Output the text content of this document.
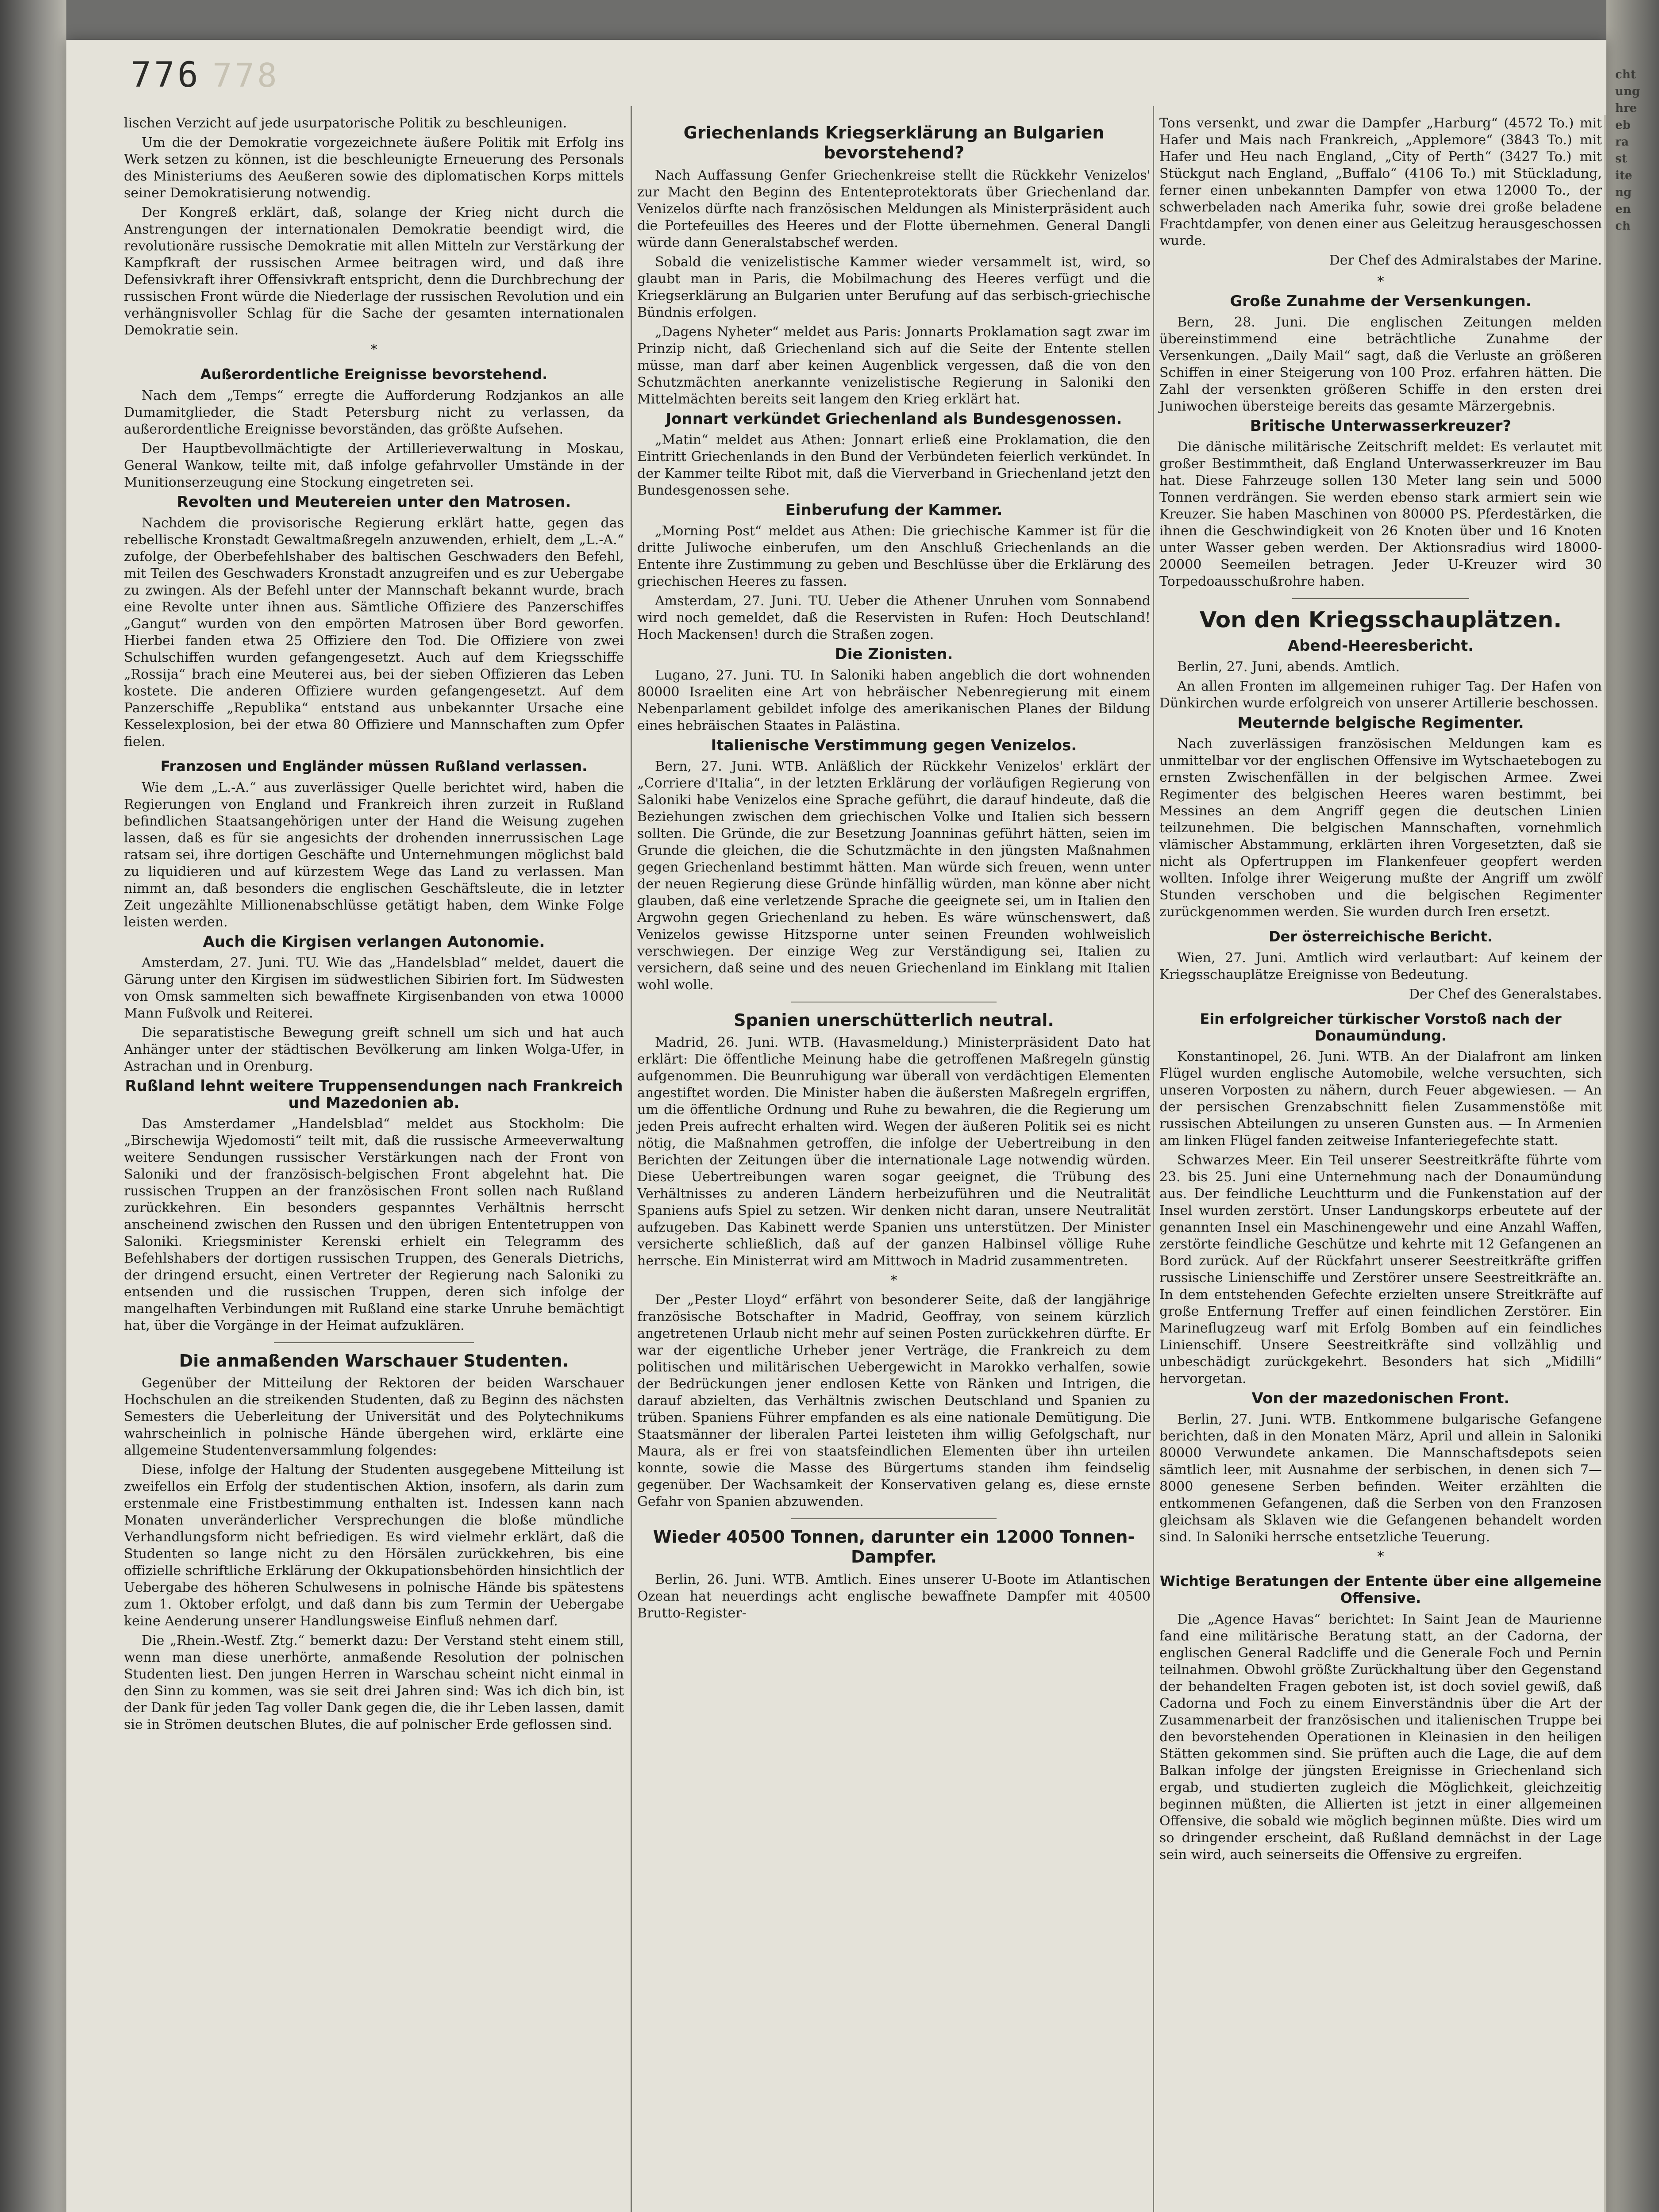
776 778

lischen Verzicht auf jede usurpatorische Politik zu beschleunigen.

Um die der Demokratie vorgezeichnete äußere Politik mit Erfolg ins Werk setzen zu können, ist die beschleunigte Erneuerung des Personals des Ministeriums des Aeußeren sowie des diplomatischen Korps mittels seiner Demokratisierung notwendig.

Der Kongreß erklärt, daß, solange der Krieg nicht durch die Anstrengungen der internationalen Demokratie beendigt wird, die revolutionäre russische Demokratie mit allen Mitteln zur Verstärkung der Kampfkraft der russischen Armee beitragen wird, und daß ihre Defensivkraft ihrer Offensivkraft entspricht, denn die Durchbrechung der russischen Front würde die Niederlage der russischen Revolution und ein verhängnisvoller Schlag für die Sache der gesamten internationalen Demokratie sein.

*
Außerordentliche Ereignisse bevorstehend.

Nach dem „Temps“ erregte die Aufforderung Rodzjankos an alle Dumamitglieder, die Stadt Petersburg nicht zu verlassen, da außerordentliche Ereignisse bevorständen, das größte Aufsehen.

Der Hauptbevollmächtigte der Artillerieverwaltung in Moskau, General Wankow, teilte mit, daß infolge gefahrvoller Umstände in der Munitionserzeugung eine Stockung eingetreten sei.

Revolten und Meutereien unter den Matrosen.

Nachdem die provisorische Regierung erklärt hatte, gegen das rebellische Kronstadt Gewaltmaßregeln anzuwenden, erhielt, dem „L.-A.“ zufolge, der Oberbefehlshaber des baltischen Geschwaders den Befehl, mit Teilen des Geschwaders Kronstadt anzugreifen und es zur Uebergabe zu zwingen. Als der Befehl unter der Mannschaft bekannt wurde, brach eine Revolte unter ihnen aus. Sämtliche Offiziere des Panzerschiffes „Gangut“ wurden von den empörten Matrosen über Bord geworfen. Hierbei fanden etwa 25 Offiziere den Tod. Die Offiziere von zwei Schulschiffen wurden gefangengesetzt. Auch auf dem Kriegsschiffe „Rossija“ brach eine Meuterei aus, bei der sieben Offizieren das Leben kostete. Die anderen Offiziere wurden gefangengesetzt. Auf dem Panzerschiffe „Republika“ entstand aus unbekannter Ursache eine Kesselexplosion, bei der etwa 80 Offiziere und Mannschaften zum Opfer fielen.

Franzosen und Engländer müssen Rußland verlassen.

Wie dem „L.-A.“ aus zuverlässiger Quelle berichtet wird, haben die Regierungen von England und Frankreich ihren zurzeit in Rußland befindlichen Staatsangehörigen unter der Hand die Weisung zugehen lassen, daß es für sie angesichts der drohenden innerrussischen Lage ratsam sei, ihre dortigen Geschäfte und Unternehmungen möglichst bald zu liquidieren und auf kürzestem Wege das Land zu verlassen. Man nimmt an, daß besonders die englischen Geschäftsleute, die in letzter Zeit ungezählte Millionenabschlüsse getätigt haben, dem Winke Folge leisten werden.

Auch die Kirgisen verlangen Autonomie.

Amsterdam, 27. Juni. TU. Wie das „Handelsblad“ meldet, dauert die Gärung unter den Kirgisen im südwestlichen Sibirien fort. Im Südwesten von Omsk sammelten sich bewaffnete Kirgisenbanden von etwa 10000 Mann Fußvolk und Reiterei.

Die separatistische Bewegung greift schnell um sich und hat auch Anhänger unter der städtischen Bevölkerung am linken Wolga-Ufer, in Astrachan und in Orenburg.

Rußland lehnt weitere Truppensendungen nach Frankreich und Mazedonien ab.

Das Amsterdamer „Handelsblad“ meldet aus Stockholm: Die „Birschewija Wjedomosti“ teilt mit, daß die russische Armeeverwaltung weitere Sendungen russischer Verstärkungen nach der Front von Saloniki und der französisch-belgischen Front abgelehnt hat. Die russischen Truppen an der französischen Front sollen nach Rußland zurückkehren. Ein besonders gespanntes Verhältnis herrscht anscheinend zwischen den Russen und den übrigen Ententetruppen von Saloniki. Kriegsminister Kerenski erhielt ein Telegramm des Befehlshabers der dortigen russischen Truppen, des Generals Dietrichs, der dringend ersucht, einen Vertreter der Regierung nach Saloniki zu entsenden und die russischen Truppen, deren sich infolge der mangelhaften Verbindungen mit Rußland eine starke Unruhe bemächtigt hat, über die Vorgänge in der Heimat aufzuklären.

Die anmaßenden Warschauer Studenten.

Gegenüber der Mitteilung der Rektoren der beiden Warschauer Hochschulen an die streikenden Studenten, daß zu Beginn des nächsten Semesters die Ueberleitung der Universität und des Polytechnikums wahrscheinlich in polnische Hände übergehen wird, erklärte eine allgemeine Studentenversammlung folgendes:

Diese, infolge der Haltung der Studenten ausgegebene Mitteilung ist zweifellos ein Erfolg der studentischen Aktion, insofern, als darin zum erstenmale eine Fristbestimmung enthalten ist. Indessen kann nach Monaten unveränderlicher Versprechungen die bloße mündliche Verhandlungsform nicht befriedigen. Es wird vielmehr erklärt, daß die Studenten so lange nicht zu den Hörsälen zurückkehren, bis eine offizielle schriftliche Erklärung der Okkupationsbehörden hinsichtlich der Uebergabe des höheren Schulwesens in polnische Hände bis spätestens zum 1. Oktober erfolgt, und daß dann bis zum Termin der Uebergabe keine Aenderung unserer Handlungsweise Einfluß nehmen darf.

Die „Rhein.-Westf. Ztg.“ bemerkt dazu: Der Verstand steht einem still, wenn man diese unerhörte, anmaßende Resolution der polnischen Studenten liest. Den jungen Herren in Warschau scheint nicht einmal in den Sinn zu kommen, was sie seit drei Jahren sind: Was ich dich bin, ist der Dank für jeden Tag voller Dank gegen die, die ihr Leben lassen, damit sie in Strömen deutschen Blutes, die auf polnischer Erde geflossen sind.

Griechenlands Kriegserklärung an Bulgarien bevorstehend?

Nach Auffassung Genfer Griechenkreise stellt die Rückkehr Venizelos' zur Macht den Beginn des Ententeprotektorats über Griechenland dar. Venizelos dürfte nach französischen Meldungen als Ministerpräsident auch die Portefeuilles des Heeres und der Flotte übernehmen. General Dangli würde dann Generalstabschef werden.

Sobald die venizelistische Kammer wieder versammelt ist, wird, so glaubt man in Paris, die Mobilmachung des Heeres verfügt und die Kriegserklärung an Bulgarien unter Berufung auf das serbisch-griechische Bündnis erfolgen.

„Dagens Nyheter“ meldet aus Paris: Jonnarts Proklamation sagt zwar im Prinzip nicht, daß Griechenland sich auf die Seite der Entente stellen müsse, man darf aber keinen Augenblick vergessen, daß die von den Schutzmächten anerkannte venizelistische Regierung in Saloniki den Mittelmächten bereits seit langem den Krieg erklärt hat.

Jonnart verkündet Griechenland als Bundesgenossen.

„Matin“ meldet aus Athen: Jonnart erließ eine Proklamation, die den Eintritt Griechenlands in den Bund der Verbündeten feierlich verkündet. In der Kammer teilte Ribot mit, daß die Vierverband in Griechenland jetzt den Bundesgenossen sehe.

Einberufung der Kammer.

„Morning Post“ meldet aus Athen: Die griechische Kammer ist für die dritte Juliwoche einberufen, um den Anschluß Griechenlands an die Entente ihre Zustimmung zu geben und Beschlüsse über die Erklärung des griechischen Heeres zu fassen.

Amsterdam, 27. Juni. TU. Ueber die Athener Unruhen vom Sonnabend wird noch gemeldet, daß die Reservisten in Rufen: Hoch Deutschland! Hoch Mackensen! durch die Straßen zogen.

Die Zionisten.

Lugano, 27. Juni. TU. In Saloniki haben angeblich die dort wohnenden 80000 Israeliten eine Art von hebräischer Nebenregierung mit einem Nebenparlament gebildet infolge des amerikanischen Planes der Bildung eines hebräischen Staates in Palästina.

Italienische Verstimmung gegen Venizelos.

Bern, 27. Juni. WTB. Anläßlich der Rückkehr Venizelos' erklärt der „Corriere d'Italia“, in der letzten Erklärung der vorläufigen Regierung von Saloniki habe Venizelos eine Sprache geführt, die darauf hindeute, daß die Beziehungen zwischen dem griechischen Volke und Italien sich bessern sollten. Die Gründe, die zur Besetzung Joanninas geführt hätten, seien im Grunde die gleichen, die die Schutzmächte in den jüngsten Maßnahmen gegen Griechenland bestimmt hätten. Man würde sich freuen, wenn unter der neuen Regierung diese Gründe hinfällig würden, man könne aber nicht glauben, daß eine verletzende Sprache die geeignete sei, um in Italien den Argwohn gegen Griechenland zu heben. Es wäre wünschenswert, daß Venizelos gewisse Hitzsporne unter seinen Freunden wohlweislich verschwiegen. Der einzige Weg zur Verständigung sei, Italien zu versichern, daß seine und des neuen Griechenland im Einklang mit Italien wohl wolle.

Spanien unerschütterlich neutral.

Madrid, 26. Juni. WTB. (Havasmeldung.) Ministerpräsident Dato hat erklärt: Die öffentliche Meinung habe die getroffenen Maßregeln günstig aufgenommen. Die Beunruhigung war überall von verdächtigen Elementen angestiftet worden. Die Minister haben die äußersten Maßregeln ergriffen, um die öffentliche Ordnung und Ruhe zu bewahren, die die Regierung um jeden Preis aufrecht erhalten wird. Wegen der äußeren Politik sei es nicht nötig, die Maßnahmen getroffen, die infolge der Uebertreibung in den Berichten der Zeitungen über die internationale Lage notwendig würden. Diese Uebertreibungen waren sogar geeignet, die Trübung des Verhältnisses zu anderen Ländern herbeizuführen und die Neutralität Spaniens aufs Spiel zu setzen. Wir denken nicht daran, unsere Neutralität aufzugeben. Das Kabinett werde Spanien uns unterstützen. Der Minister versicherte schließlich, daß auf der ganzen Halbinsel völlige Ruhe herrsche. Ein Ministerrat wird am Mittwoch in Madrid zusammentreten.

*

Der „Pester Lloyd“ erfährt von besonderer Seite, daß der langjährige französische Botschafter in Madrid, Geoffray, von seinem kürzlich angetretenen Urlaub nicht mehr auf seinen Posten zurückkehren dürfte. Er war der eigentliche Urheber jener Verträge, die Frankreich zu dem politischen und militärischen Uebergewicht in Marokko verhalfen, sowie der Bedrückungen jener endlosen Kette von Ränken und Intrigen, die darauf abzielten, das Verhältnis zwischen Deutschland und Spanien zu trüben. Spaniens Führer empfanden es als eine nationale Demütigung. Die Staatsmänner der liberalen Partei leisteten ihm willig Gefolgschaft, nur Maura, als er frei von staatsfeindlichen Elementen über ihn urteilen konnte, sowie die Masse des Bürgertums standen ihm feindselig gegenüber. Der Wachsamkeit der Konservativen gelang es, diese ernste Gefahr von Spanien abzuwenden.

Wieder 40500 Tonnen, darunter ein 12000 Tonnen-Dampfer.

Berlin, 26. Juni. WTB. Amtlich. Eines unserer U-Boote im Atlantischen Ozean hat neuerdings acht englische bewaffnete Dampfer mit 40500 Brutto-Register-

Tons versenkt, und zwar die Dampfer „Harburg“ (4572 To.) mit Hafer und Mais nach Frankreich, „Applemore“ (3843 To.) mit Hafer und Heu nach England, „City of Perth“ (3427 To.) mit Stückgut nach England, „Buffalo“ (4106 To.) mit Stückladung, ferner einen unbekannten Dampfer von etwa 12000 To., der schwerbeladen nach Amerika fuhr, sowie drei große beladene Frachtdampfer, von denen einer aus Geleitzug herausgeschossen wurde.

Der Chef des Admiralstabes der Marine.
*
Große Zunahme der Versenkungen.

Bern, 28. Juni. Die englischen Zeitungen melden übereinstimmend eine beträchtliche Zunahme der Versenkungen. „Daily Mail“ sagt, daß die Verluste an größeren Schiffen in einer Steigerung von 100 Proz. erfahren hätten. Die Zahl der versenkten größeren Schiffe in den ersten drei Juniwochen übersteige bereits das gesamte Märzergebnis.

Britische Unterwasserkreuzer?

Die dänische militärische Zeitschrift meldet: Es verlautet mit großer Bestimmtheit, daß England Unterwasserkreuzer im Bau hat. Diese Fahrzeuge sollen 130 Meter lang sein und 5000 Tonnen verdrängen. Sie werden ebenso stark armiert sein wie Kreuzer. Sie haben Maschinen von 80000 PS. Pferdestärken, die ihnen die Geschwindigkeit von 26 Knoten über und 16 Knoten unter Wasser geben werden. Der Aktionsradius wird 18000-20000 Seemeilen betragen. Jeder U-Kreuzer wird 30 Torpedoausschußrohre haben.

Von den Kriegsschauplätzen.
Abend-Heeresbericht.

Berlin, 27. Juni, abends. Amtlich.

An allen Fronten im allgemeinen ruhiger Tag. Der Hafen von Dünkirchen wurde erfolgreich von unserer Artillerie beschossen.

Meuternde belgische Regimenter.

Nach zuverlässigen französischen Meldungen kam es unmittelbar vor der englischen Offensive im Wytschaetebogen zu ernsten Zwischenfällen in der belgischen Armee. Zwei Regimenter des belgischen Heeres waren bestimmt, bei Messines an dem Angriff gegen die deutschen Linien teilzunehmen. Die belgischen Mannschaften, vornehmlich vlämischer Abstammung, erklärten ihren Vorgesetzten, daß sie nicht als Opfertruppen im Flankenfeuer geopfert werden wollten. Infolge ihrer Weigerung mußte der Angriff um zwölf Stunden verschoben und die belgischen Regimenter zurückgenommen werden. Sie wurden durch Iren ersetzt.

Der österreichische Bericht.

Wien, 27. Juni. Amtlich wird verlautbart: Auf keinem der Kriegsschauplätze Ereignisse von Bedeutung.

Der Chef des Generalstabes.
Ein erfolgreicher türkischer Vorstoß nach der Donaumündung.

Konstantinopel, 26. Juni. WTB. An der Dialafront am linken Flügel wurden englische Automobile, welche versuchten, sich unseren Vorposten zu nähern, durch Feuer abgewiesen. — An der persischen Grenzabschnitt fielen Zusammenstöße mit russischen Abteilungen zu unseren Gunsten aus. — In Armenien am linken Flügel fanden zeitweise Infanteriegefechte statt.

Schwarzes Meer. Ein Teil unserer Seestreitkräfte führte vom 23. bis 25. Juni eine Unternehmung nach der Donaumündung aus. Der feindliche Leuchtturm und die Funkenstation auf der Insel wurden zerstört. Unser Landungskorps erbeutete auf der genannten Insel ein Maschinengewehr und eine Anzahl Waffen, zerstörte feindliche Geschütze und kehrte mit 12 Gefangenen an Bord zurück. Auf der Rückfahrt unserer Seestreitkräfte griffen russische Linienschiffe und Zerstörer unsere Seestreitkräfte an. In dem entstehenden Gefechte erzielten unsere Streitkräfte auf große Entfernung Treffer auf einen feindlichen Zerstörer. Ein Marineflugzeug warf mit Erfolg Bomben auf ein feindliches Linienschiff. Unsere Seestreitkräfte sind vollzählig und unbeschädigt zurückgekehrt. Besonders hat sich „Midilli“ hervorgetan.

Von der mazedonischen Front.

Berlin, 27. Juni. WTB. Entkommene bulgarische Gefangene berichten, daß in den Monaten März, April und allein in Saloniki 80000 Verwundete ankamen. Die Mannschaftsdepots seien sämtlich leer, mit Ausnahme der serbischen, in denen sich 7—8000 genesene Serben befinden. Weiter erzählten die entkommenen Gefangenen, daß die Serben von den Franzosen gleichsam als Sklaven wie die Gefangenen behandelt worden sind. In Saloniki herrsche entsetzliche Teuerung.

*
Wichtige Beratungen der Entente über eine allgemeine Offensive.

Die „Agence Havas“ berichtet: In Saint Jean de Maurienne fand eine militärische Beratung statt, an der Cadorna, der englischen General Radcliffe und die Generale Foch und Pernin teilnahmen. Obwohl größte Zurückhaltung über den Gegenstand der behandelten Fragen geboten ist, ist doch soviel gewiß, daß Cadorna und Foch zu einem Einverständnis über die Art der Zusammenarbeit der französischen und italienischen Truppe bei den bevorstehenden Operationen in Kleinasien in den heiligen Stätten gekommen sind. Sie prüften auch die Lage, die auf dem Balkan infolge der jüngsten Ereignisse in Griechenland sich ergab, und studierten zugleich die Möglichkeit, gleichzeitig beginnen müßten, die Allierten ist jetzt in einer allgemeinen Offensive, die sobald wie möglich beginnen müßte. Dies wird um so dringender erscheint, daß Rußland demnächst in der Lage sein wird, auch seinerseits die Offensive zu ergreifen.

cht
ung
hre
eb
ra
st
ite
ng
en
ch
